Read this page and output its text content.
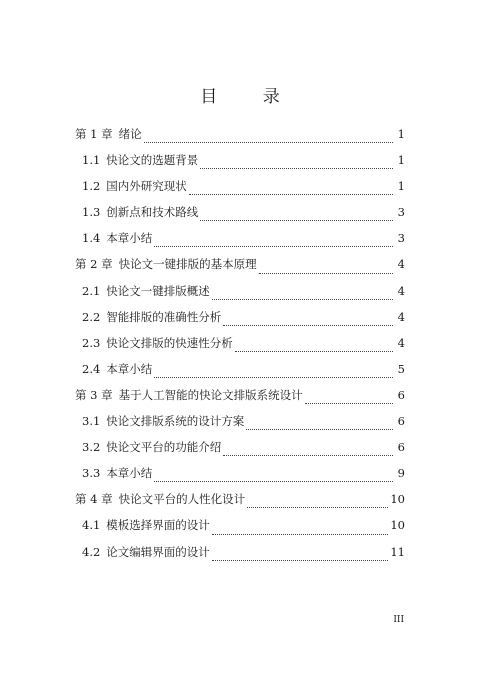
目 录
第 1 章 绪论	1
1.1 快论文的选题背景	1
1.2 国内外研究现状	1
1.3 创新点和技术路线	3
1.4 本章小结	3
第 2 章 快论文一键排版的基本原理	4
2.1 快论文一键排版概述	4
2.2 智能排版的准确性分析	4
2.3 快论文排版的快速性分析	4
2.4 本章小结	5
第 3 章 基于人工智能的快论文排版系统设计	6
3.1 快论文排版系统的设计方案	6
3.2 快论文平台的功能介绍	6
3.3 本章小结	9
第 4 章 快论文平台的人性化设计	10
4.1 模板选择界面的设计	10
4.2 论文编辑界面的设计	11
III
